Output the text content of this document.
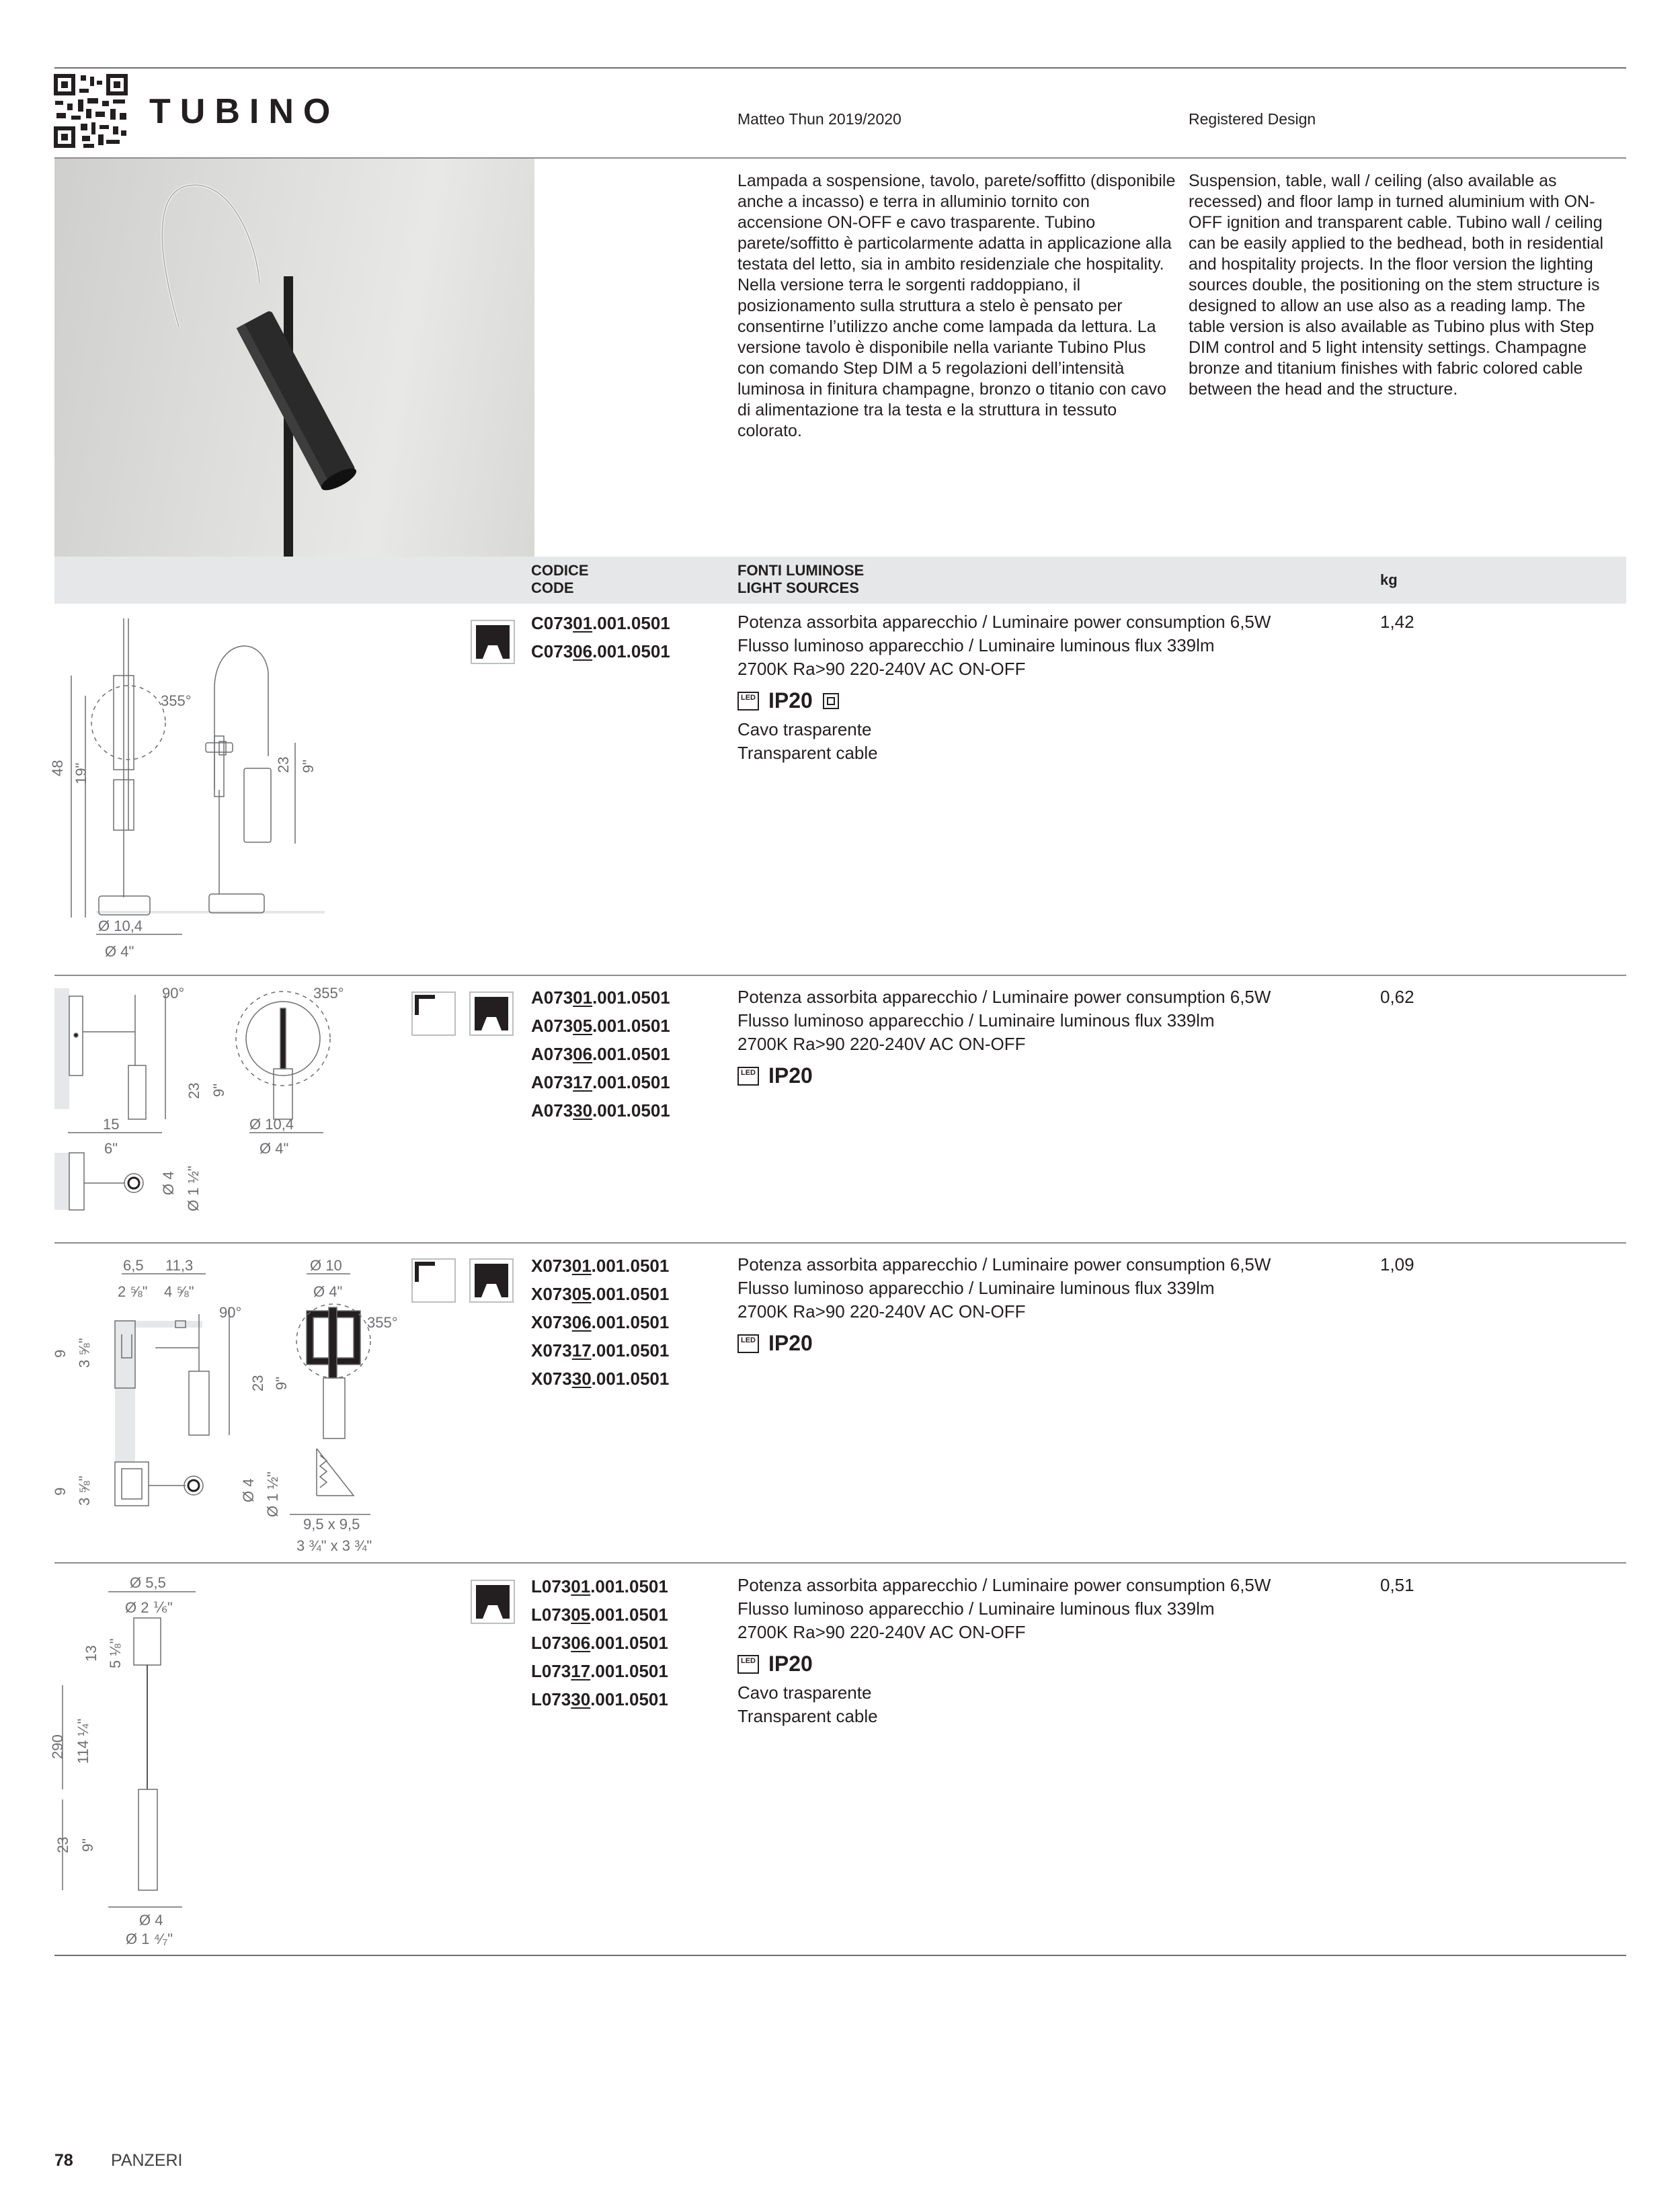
TUBINO	Matteo Thun 2019/2020	Registered Design
Lampada a sospensione, tavolo, parete/soffitto (disponibile anche a incasso) e terra in alluminio tornito con accensione ON-OFF e cavo trasparente. Tubino parete/soffitto è particolarmente adatta in applicazione alla testata del letto, sia in ambito residenziale che hospitality. Nella versione terra le sorgenti raddoppiano, il posizionamento sulla struttura a stelo è pensato per consentirne l’utilizzo anche come lampada da lettura. La versione tavolo è disponibile nella variante Tubino Plus con comando Step DIM a 5 regolazioni dell’intensità luminosa in finitura champagne, bronzo o titanio con cavo di alimentazione tra la testa e la struttura in tessuto colorato.
Suspension, table, wall / ceiling (also available as recessed) and floor lamp in turned aluminium with ON-OFF ignition and transparent cable. Tubino wall / ceiling can be easily applied to the bedhead, both in residential and hospitality projects. In the floor version the lighting sources double, the positioning on the stem structure is designed to allow an use also as a reading lamp. The table version is also available as Tubino plus with Step DIM control and 5 light intensity settings. Champagne bronze and titanium finishes with fabric colored cable between the head and the structure.
CODICE
CODE
FONTI LUMINOSE
LIGHT SOURCES	kg
48 19"
355°
23 9"
Ø 10,4
Ø 4"
C07301.001.0501
C07306.001.0501
Potenza assorbita apparecchio / Luminaire power consumption 6,5W
Flusso luminoso apparecchio / Luminaire luminous flux 339lm
2700K Ra>90 220-240V AC ON-OFF
LED IP20
Cavo trasparente
Transparent cable
1,42
90°	355°
23 9"
15
6"
Ø 10,4
Ø 4"
Ø 4 Ø 1 ½"
A07301.001.0501
A07305.001.0501
A07306.001.0501
A07317.001.0501
A07330.001.0501
Potenza assorbita apparecchio / Luminaire power consumption 6,5W
Flusso luminoso apparecchio / Luminaire luminous flux 339lm
2700K Ra>90 220-240V AC ON-OFF
LED IP20
0,62
6,5
2 ⅝"
11,3
4 ⅝"
Ø 10
Ø 4"
90°
355°
9 3 ⅝"
23 9"
9 3 ⅝"	Ø 4 Ø 1 ½"
9,5 x 9,5
3 ¾" x 3 ¾"
X07301.001.0501
X07305.001.0501
X07306.001.0501
X07317.001.0501
X07330.001.0501
Potenza assorbita apparecchio / Luminaire power consumption 6,5W
Flusso luminoso apparecchio / Luminaire luminous flux 339lm
2700K Ra>90 220-240V AC ON-OFF
LED IP20
1,09
Ø 5,5
Ø 2 ⅙"
13 5 ⅛"
290 114 ¼"
23 9"
Ø 4
Ø 1 ⁴⁄₇"
L07301.001.0501
L07305.001.0501
L07306.001.0501
L07317.001.0501
L07330.001.0501
Potenza assorbita apparecchio / Luminaire power consumption 6,5W
Flusso luminoso apparecchio / Luminaire luminous flux 339lm
2700K Ra>90 220-240V AC ON-OFF
LED IP20
Cavo trasparente
Transparent cable
0,51
78 PANZERI
